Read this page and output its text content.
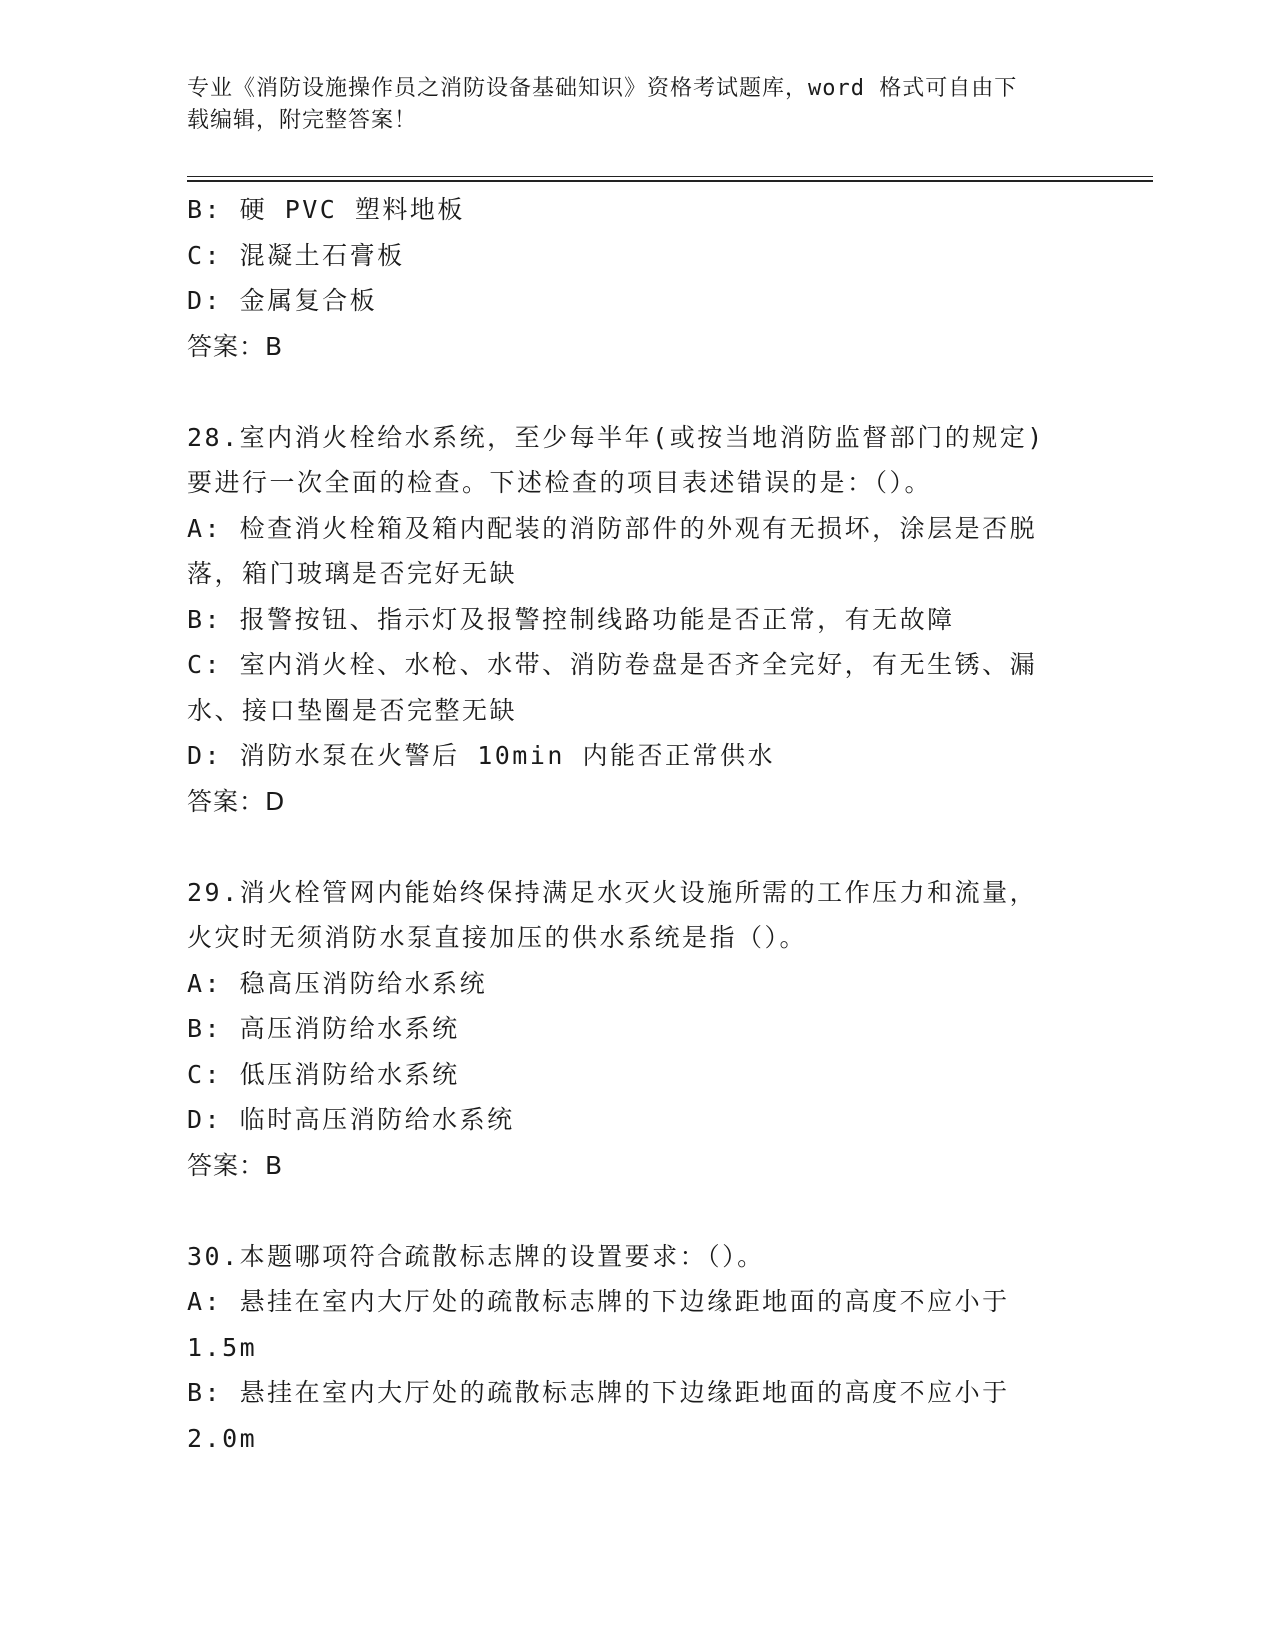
专业《消防设施操作员之消防设备基础知识》资格考试题库，word 格式可自由下
载编辑，附完整答案！
B: 硬 PVC 塑料地板
C: 混凝土石膏板
D: 金属复合板
答案：B
28.室内消火栓给水系统，至少每半年(或按当地消防监督部门的规定)
要进行一次全面的检查。下述检查的项目表述错误的是：（）。
A: 检查消火栓箱及箱内配装的消防部件的外观有无损坏，涂层是否脱
落，箱门玻璃是否完好无缺
B: 报警按钮、指示灯及报警控制线路功能是否正常，有无故障
C: 室内消火栓、水枪、水带、消防卷盘是否齐全完好，有无生锈、漏
水、接口垫圈是否完整无缺
D: 消防水泵在火警后 10min 内能否正常供水
答案：D
29.消火栓管网内能始终保持满足水灭火设施所需的工作压力和流量，
火灾时无须消防水泵直接加压的供水系统是指（）。
A: 稳高压消防给水系统
B: 高压消防给水系统
C: 低压消防给水系统
D: 临时高压消防给水系统
答案：B
30.本题哪项符合疏散标志牌的设置要求：（）。
A: 悬挂在室内大厅处的疏散标志牌的下边缘距地面的高度不应小于
1.5m
B: 悬挂在室内大厅处的疏散标志牌的下边缘距地面的高度不应小于
2.0m
